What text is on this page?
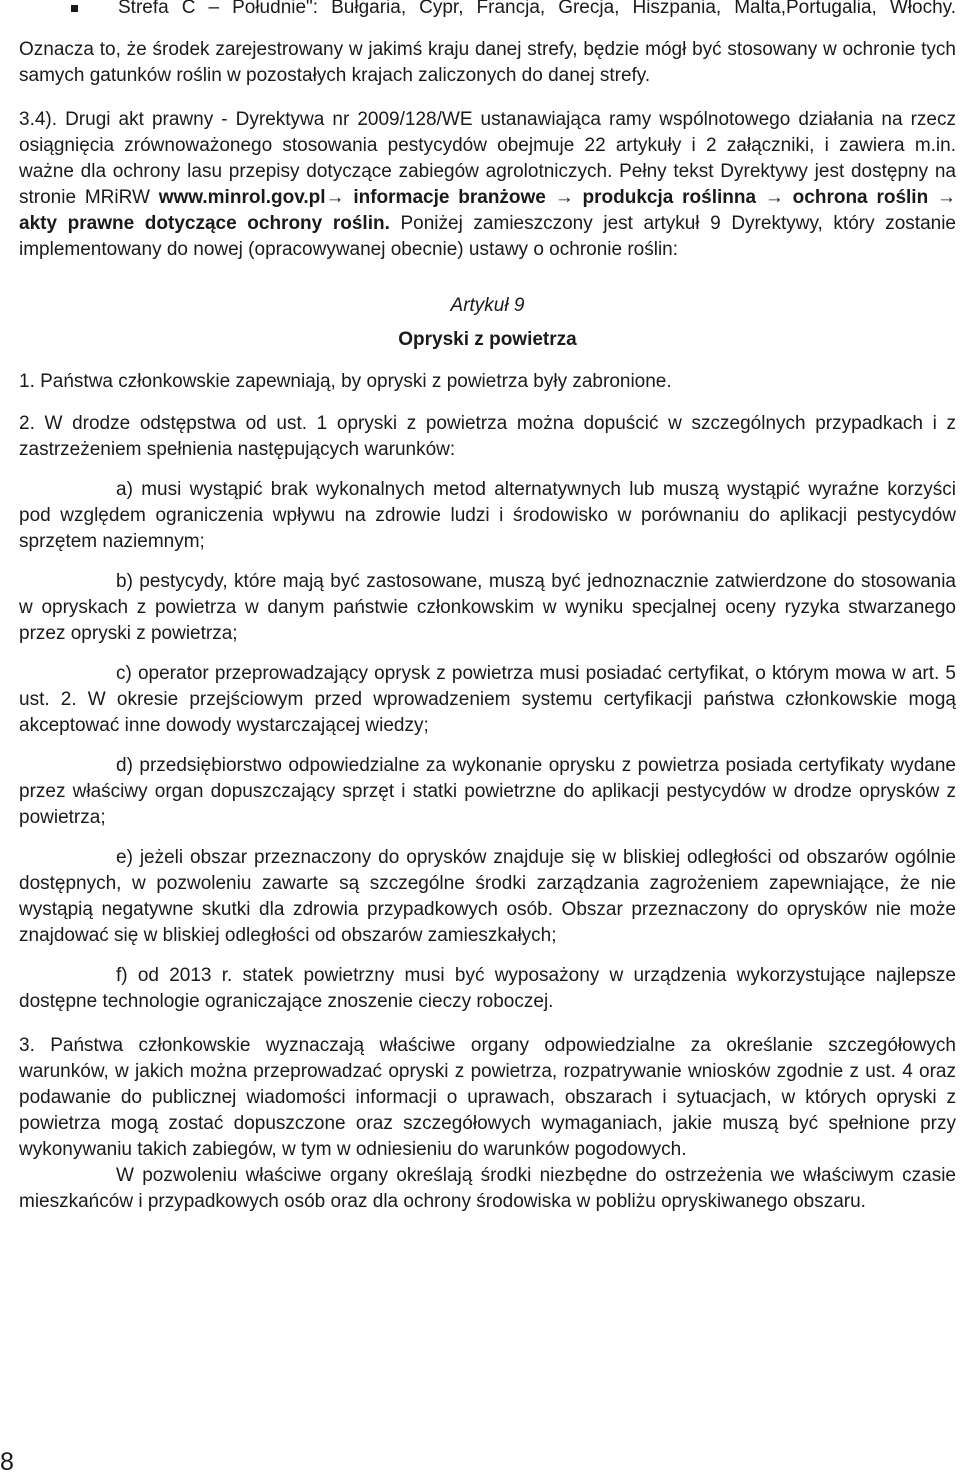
Strefa C – Południe": Bułgaria, Cypr, Francja, Grecja, Hiszpania, Malta,Portugalia, Włochy.

Oznacza to, że środek zarejestrowany w jakimś kraju danej strefy, będzie mógł być stosowany w ochronie tych samych gatunków roślin w pozostałych krajach zaliczonych do danej strefy.

3.4). Drugi akt prawny - Dyrektywa nr 2009/128/WE ustanawiająca ramy wspólnotowego działania na rzecz osiągnięcia zrównoważonego stosowania pestycydów obejmuje 22 artykuły i 2 załączniki, i zawiera m.in. ważne dla ochrony lasu przepisy dotyczące zabiegów agrolotniczych. Pełny tekst Dyrektywy jest dostępny na stronie MRiRW www.minrol.gov.pl→ informacje branżowe → produkcja roślinna → ochrona roślin → akty prawne dotyczące ochrony roślin. Poniżej zamieszczony jest artykuł 9 Dyrektywy, który zostanie implementowany do nowej (opracowywanej obecnie) ustawy o ochronie roślin:

Artykuł 9
Opryski z powietrza

1. Państwa członkowskie zapewniają, by opryski z powietrza były zabronione.

2. W drodze odstępstwa od ust. 1 opryski z powietrza można dopuścić w szczególnych przypadkach i z zastrzeżeniem spełnienia następujących warunków:

a) musi wystąpić brak wykonalnych metod alternatywnych lub muszą wystąpić wyraźne korzyści pod względem ograniczenia wpływu na zdrowie ludzi i środowisko w porównaniu do aplikacji pestycydów sprzętem naziemnym;

b) pestycydy, które mają być zastosowane, muszą być jednoznacznie zatwierdzone do stosowania w opryskach z powietrza w danym państwie członkowskim w wyniku specjalnej oceny ryzyka stwarzanego przez opryski z powietrza;

c) operator przeprowadzający oprysk z powietrza musi posiadać certyfikat, o którym mowa w art. 5 ust. 2. W okresie przejściowym przed wprowadzeniem systemu certyfikacji państwa członkowskie mogą akceptować inne dowody wystarczającej wiedzy;

d) przedsiębiorstwo odpowiedzialne za wykonanie oprysku z powietrza posiada certyfikaty wydane przez właściwy organ dopuszczający sprzęt i statki powietrzne do aplikacji pestycydów w drodze oprysków z powietrza;

e) jeżeli obszar przeznaczony do oprysków znajduje się w bliskiej odległości od obszarów ogólnie dostępnych, w pozwoleniu zawarte są szczególne środki zarządzania zagrożeniem zapewniające, że nie wystąpią negatywne skutki dla zdrowia przypadkowych osób. Obszar przeznaczony do oprysków nie może znajdować się w bliskiej odległości od obszarów zamieszkałych;

f) od 2013 r. statek powietrzny musi być wyposażony w urządzenia wykorzystujące najlepsze dostępne technologie ograniczające znoszenie cieczy roboczej.

3. Państwa członkowskie wyznaczają właściwe organy odpowiedzialne za określanie szczegółowych warunków, w jakich można przeprowadzać opryski z powietrza, rozpatrywanie wniosków zgodnie z ust. 4 oraz podawanie do publicznej wiadomości informacji o uprawach, obszarach i sytuacjach, w których opryski z powietrza mogą zostać dopuszczone oraz szczegółowych wymaganiach, jakie muszą być spełnione przy wykonywaniu takich zabiegów, w tym w odniesieniu do warunków pogodowych.

W pozwoleniu właściwe organy określają środki niezbędne do ostrzeżenia we właściwym czasie mieszkańców i przypadkowych osób oraz dla ochrony środowiska w pobliżu opryskiwanego obszaru.

8
